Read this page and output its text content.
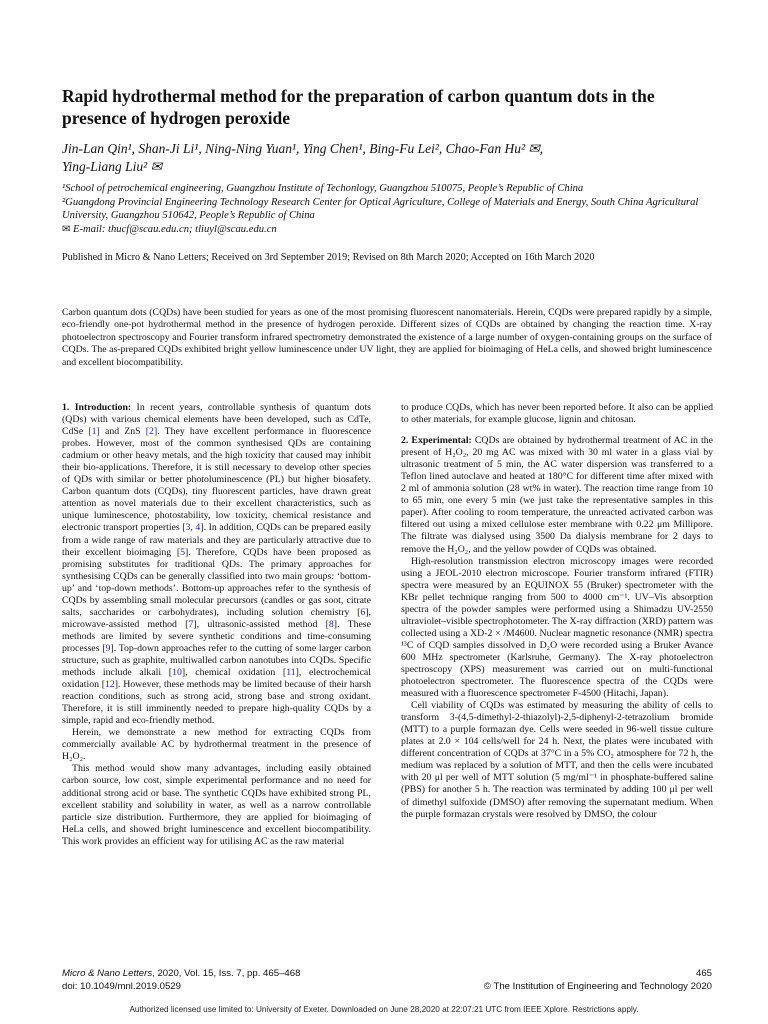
Rapid hydrothermal method for the preparation of carbon quantum dots in the presence of hydrogen peroxide
Jin-Lan Qin¹, Shan-Ji Li¹, Ning-Ning Yuan¹, Ying Chen¹, Bing-Fu Lei², Chao-Fan Hu² ✉,
Ying-Liang Liu² ✉
¹School of petrochemical engineering, Guangzhou Institute of Techonlogy, Guangzhou 510075, People’s Republic of China
²Guangdong Provincial Engineering Technology Research Center for Optical Agriculture, College of Materials and Energy, South China Agricultural University, Guangzhou 510642, People’s Republic of China
✉ E-mail: thucf@scau.edu.cn; tliuyl@scau.edu.cn
Published in Micro & Nano Letters; Received on 3rd September 2019; Revised on 8th March 2020; Accepted on 16th March 2020
Carbon quantum dots (CQDs) have been studied for years as one of the most promising fluorescent nanomaterials. Herein, CQDs were prepared rapidly by a simple, eco-friendly one-pot hydrothermal method in the presence of hydrogen peroxide. Different sizes of CQDs are obtained by changing the reaction time. X-ray photoelectron spectroscopy and Fourier transform infrared spectrometry demonstrated the existence of a large number of oxygen-containing groups on the surface of CQDs. The as-prepared CQDs exhibited bright yellow luminescence under UV light, they are applied for bioimaging of HeLa cells, and showed bright luminescence and excellent biocompatibility.

1. Introduction: In recent years, controllable synthesis of quantum dots (QDs) with various chemical elements have been developed, such as CdTe, CdSe [1] and ZnS [2]. They have excellent performance in fluorescence probes. However, most of the common synthesised QDs are containing cadmium or other heavy metals, and the high toxicity that caused may inhibit their bio-applications. Therefore, it is still necessary to develop other species of QDs with similar or better photoluminescence (PL) but higher biosafety. Carbon quantum dots (CQDs), tiny fluorescent particles, have drawn great attention as novel materials due to their excellent characteristics, such as unique luminescence, photostability, low toxicity, chemical resistance and electronic transport properties [3, 4]. In addition, CQDs can be prepared easily from a wide range of raw materials and they are particularly attractive due to their excellent bioimaging [5]. Therefore, CQDs have been proposed as promising substitutes for traditional QDs. The primary approaches for synthesising CQDs can be generally classified into two main groups: ‘bottom-up’ and ‘top-down methods’. Bottom-up approaches refer to the synthesis of CQDs by assembling small molecular precursors (candles or gas soot, citrate salts, saccharides or carbohydrates), including solution chemistry [6], microwave-assisted method [7], ultrasonic-assisted method [8]. These methods are limited by severe synthetic conditions and time-consuming processes [9]. Top-down approaches refer to the cutting of some larger carbon structure, such as graphite, multiwalled carbon nanotubes into CQDs. Specific methods include alkali [10], chemical oxidation [11], electrochemical oxidation [12]. However, these methods may be limited because of their harsh reaction conditions, such as strong acid, strong base and strong oxidant. Therefore, it is still imminently needed to prepare high-quality CQDs by a simple, rapid and eco-friendly method.

Herein, we demonstrate a new method for extracting CQDs from commercially available AC by hydrothermal treatment in the presence of H₂O₂.

This method would show many advantages, including easily obtained carbon source, low cost, simple experimental performance and no need for additional strong acid or base. The synthetic CQDs have exhibited strong PL, excellent stability and solubility in water, as well as a narrow controllable particle size distribution. Furthermore, they are applied for bioimaging of HeLa cells, and showed bright luminescence and excellent biocompatibility. This work provides an efficient way for utilising AC as the raw material

to produce CQDs, which has never been reported before. It also can be applied to other materials, for example glucose, lignin and chitosan.

2. Experimental: CQDs are obtained by hydrothermal treatment of AC in the present of H₂O₂, 20 mg AC was mixed with 30 ml water in a glass vial by ultrasonic treatment of 5 min, the AC water dispersion was transferred to a Teflon lined autoclave and heated at 180°C for different time after mixed with 2 ml of ammonia solution (28 wt% in water). The reaction time range from 10 to 65 min, one every 5 min (we just take the representative samples in this paper). After cooling to room temperature, the unreacted activated carbon was filtered out using a mixed cellulose ester membrane with 0.22 μm Millipore. The filtrate was dialysed using 3500 Da dialysis membrane for 2 days to remove the H₂O₂, and the yellow powder of CQDs was obtained.

High-resolution transmission electron microscopy images were recorded using a JEOL-2010 electron microscope. Fourier transform infrared (FTIR) spectra were measured by an EQUINOX 55 (Bruker) spectrometer with the KBr pellet technique ranging from 500 to 4000 cm⁻¹. UV–Vis absorption spectra of the powder samples were performed using a Shimadzu UV-2550 ultraviolet–visible spectrophotometer. The X-ray diffraction (XRD) pattern was collected using a XD-2 × /M4600. Nuclear magnetic resonance (NMR) spectra ¹³C of CQD samples dissolved in D₂O were recorded using a Bruker Avance 600 MHz spectrometer (Karlsruhe, Germany). The X-ray photoelectron spectroscopy (XPS) measurement was carried out on multi-functional photoelectron spectrometer. The fluorescence spectra of the CQDs were measured with a fluorescence spectrometer F-4500 (Hitachi, Japan).

Cell viability of CQDs was estimated by measuring the ability of cells to transform 3-(4,5-dimethyl-2-thiazolyl)-2,5-diphenyl-2-tetrazolium bromide (MTT) to a purple formazan dye. Cells were seeded in 96-well tissue culture plates at 2.0 × 104 cells/well for 24 h. Next, the plates were incubated with different concentration of CQDs at 37°C in a 5% CO₂ atmosphere for 72 h, the medium was replaced by a solution of MTT, and then the cells were incubated with 20 μl per well of MTT solution (5 mg/ml⁻¹ in phosphate-buffered saline (PBS) for another 5 h. The reaction was terminated by adding 100 μl per well of dimethyl sulfoxide (DMSO) after removing the supernatant medium. When the purple formazan crystals were resolved by DMSO, the colour

Micro & Nano Letters, 2020, Vol. 15, Iss. 7, pp. 465–468
doi: 10.1049/mnl.2019.0529
465
© The Institution of Engineering and Technology 2020
Authorized licensed use limited to: University of Exeter. Downloaded on June 28,2020 at 22:07:21 UTC from IEEE Xplore. Restrictions apply.
